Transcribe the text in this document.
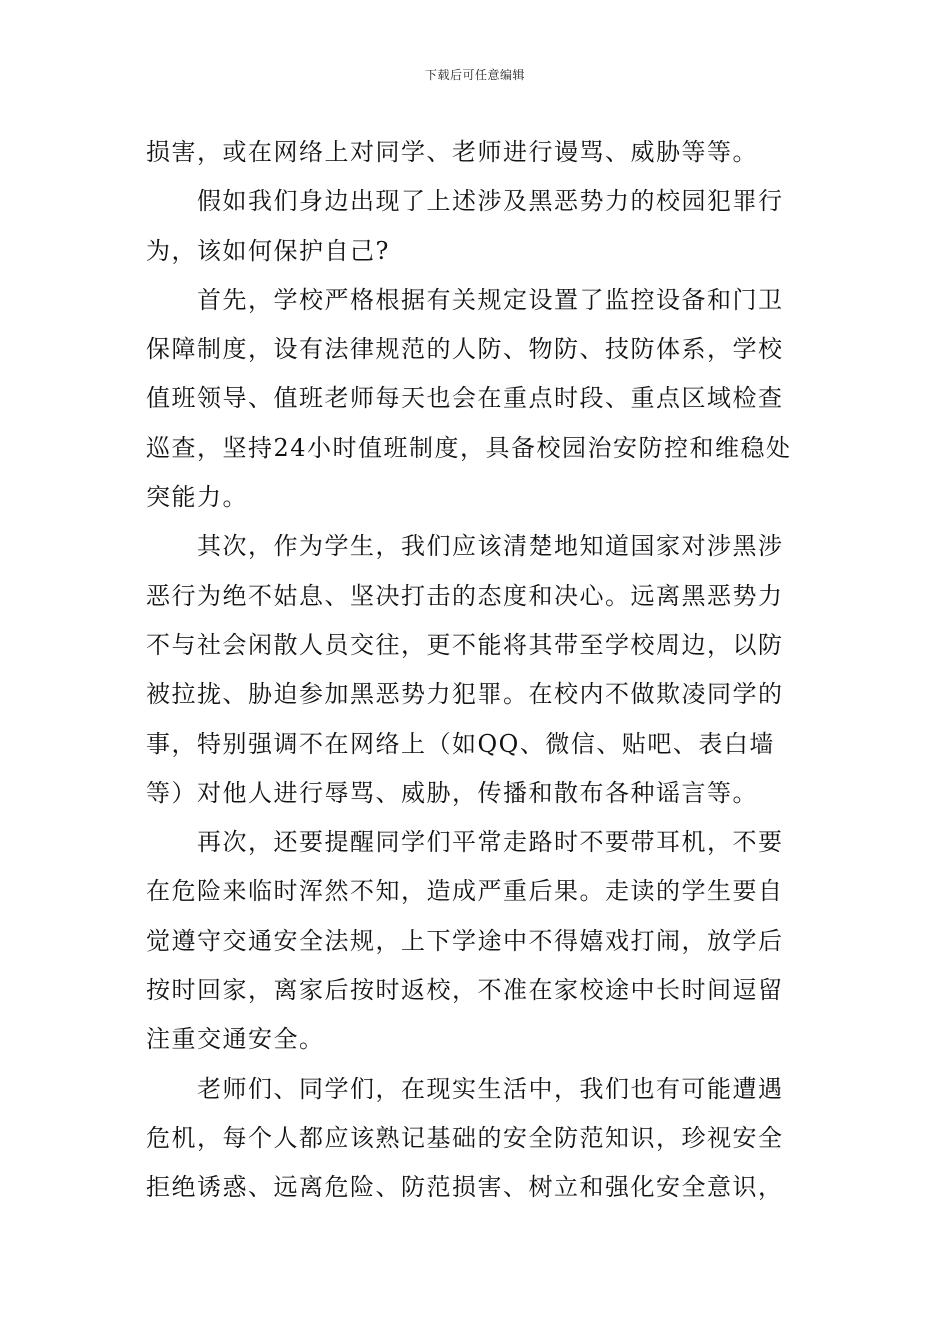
下载后可任意编辑
损害，或在网络上对同学、老师进行谩骂、威胁等等。
假如我们身边出现了上述涉及黑恶势力的校园犯罪行
为，该如何保护自己?
首先，学校严格根据有关规定设置了监控设备和门卫
保障制度，设有法律规范的人防、物防、技防体系，学校
值班领导、值班老师每天也会在重点时段、重点区域检查
巡查，坚持24小时值班制度，具备校园治安防控和维稳处
突能力。
其次，作为学生，我们应该清楚地知道国家对涉黑涉
恶行为绝不姑息、坚决打击的态度和决心。远离黑恶势力
不与社会闲散人员交往，更不能将其带至学校周边，以防
被拉拢、胁迫参加黑恶势力犯罪。在校内不做欺凌同学的
事，特别强调不在网络上（如QQ、微信、贴吧、表白墙
等）对他人进行辱骂、威胁，传播和散布各种谣言等。
再次，还要提醒同学们平常走路时不要带耳机，不要
在危险来临时浑然不知，造成严重后果。走读的学生要自
觉遵守交通安全法规，上下学途中不得嬉戏打闹，放学后
按时回家，离家后按时返校，不准在家校途中长时间逗留
注重交通安全。
老师们、同学们，在现实生活中，我们也有可能遭遇
危机，每个人都应该熟记基础的安全防范知识，珍视安全
拒绝诱惑、远离危险、防范损害、树立和强化安全意识，
